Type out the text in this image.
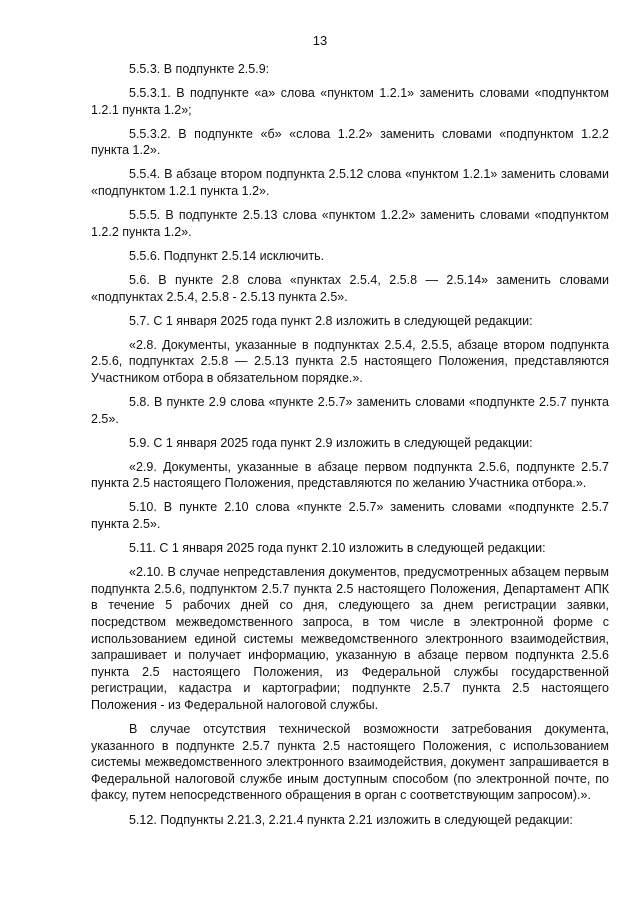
13

5.5.3. В подпункте 2.5.9:

5.5.3.1. В подпункте «а» слова «пунктом 1.2.1» заменить словами «подпунктом 1.2.1 пункта 1.2»;

5.5.3.2. В подпункте «б» «слова 1.2.2» заменить словами «подпунктом 1.2.2 пункта 1.2».

5.5.4. В абзаце втором подпункта 2.5.12 слова «пунктом 1.2.1» заменить словами «подпунктом 1.2.1 пункта 1.2».

5.5.5. В подпункте 2.5.13 слова «пунктом 1.2.2» заменить словами «подпунктом 1.2.2 пункта 1.2».

5.5.6. Подпункт 2.5.14 исключить.

5.6. В пункте 2.8 слова «пунктах 2.5.4, 2.5.8 — 2.5.14» заменить словами «подпунктах 2.5.4, 2.5.8 - 2.5.13 пункта 2.5».

5.7. С 1 января 2025 года пункт 2.8 изложить в следующей редакции:

«2.8. Документы, указанные в подпунктах 2.5.4, 2.5.5, абзаце втором подпункта 2.5.6, подпунктах 2.5.8 — 2.5.13 пункта 2.5 настоящего Положения, представляются Участником отбора в обязательном порядке.».

5.8. В пункте 2.9 слова «пункте 2.5.7» заменить словами «подпункте 2.5.7 пункта 2.5».

5.9. С 1 января 2025 года пункт 2.9 изложить в следующей редакции:

«2.9. Документы, указанные в абзаце первом подпункта 2.5.6, подпункте 2.5.7 пункта 2.5 настоящего Положения, представляются по желанию Участника отбора.».

5.10. В пункте 2.10 слова «пункте 2.5.7» заменить словами «подпункте 2.5.7 пункта 2.5».

5.11. С 1 января 2025 года пункт 2.10 изложить в следующей редакции:

«2.10. В случае непредставления документов, предусмотренных абзацем первым подпункта 2.5.6, подпунктом 2.5.7 пункта 2.5 настоящего Положения, Департамент АПК в течение 5 рабочих дней со дня, следующего за днем регистрации заявки, посредством межведомственного запроса, в том числе в электронной форме с использованием единой системы межведомственного электронного взаимодействия, запрашивает и получает информацию, указанную в абзаце первом подпункта 2.5.6 пункта 2.5 настоящего Положения, из Федеральной службы государственной регистрации, кадастра и картографии; подпункте 2.5.7 пункта 2.5 настоящего Положения - из Федеральной налоговой службы.

В случае отсутствия технической возможности затребования документа, указанного в подпункте 2.5.7 пункта 2.5 настоящего Положения, с использованием системы межведомственного электронного взаимодействия, документ запрашивается в Федеральной налоговой службе иным доступным способом (по электронной почте, по факсу, путем непосредственного обращения в орган с соответствующим запросом).».

5.12. Подпункты 2.21.3, 2.21.4 пункта 2.21 изложить в следующей редакции:
